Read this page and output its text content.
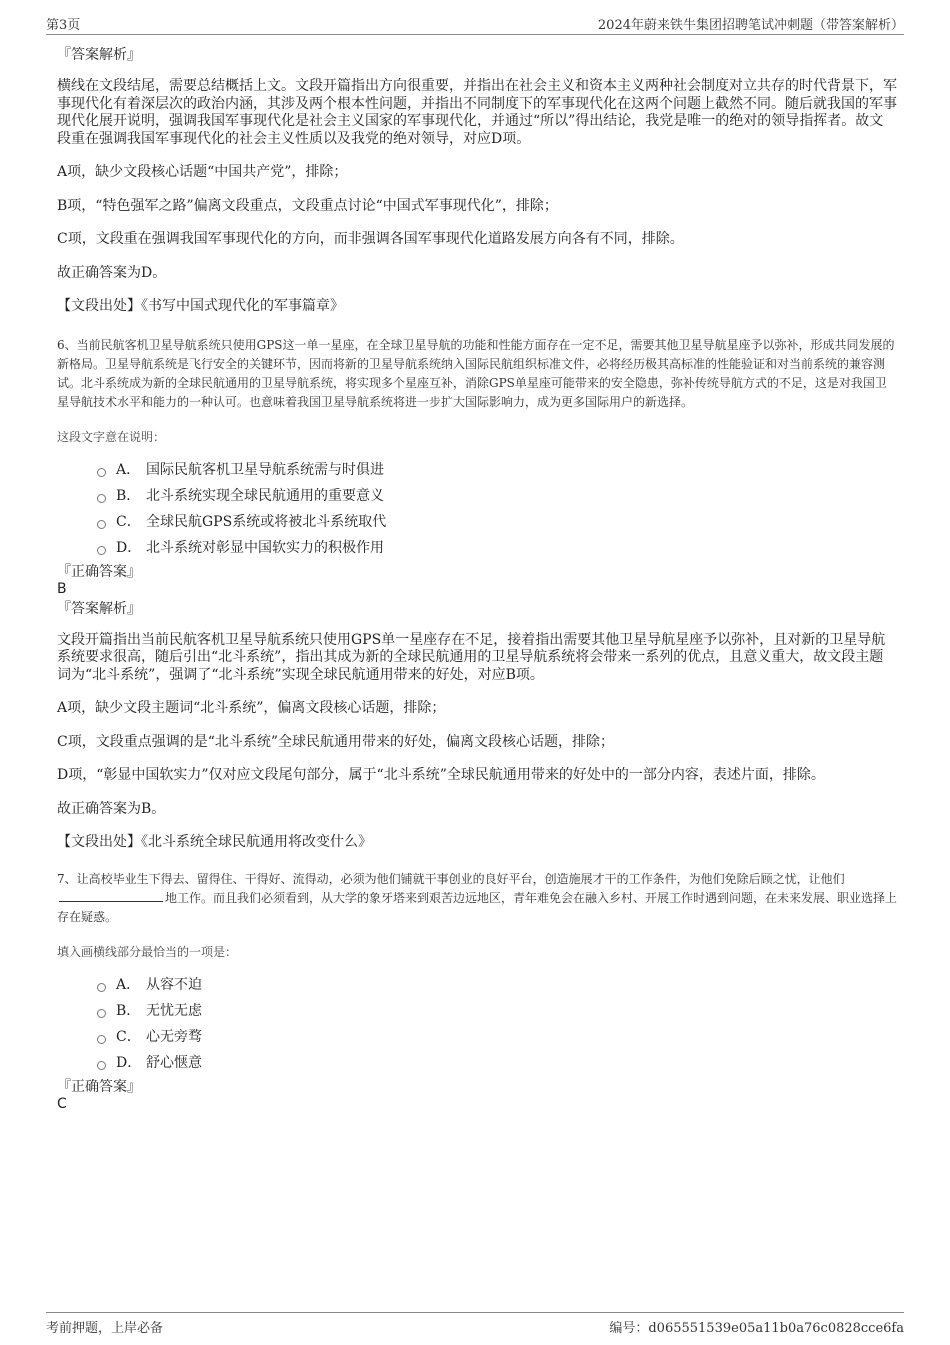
第3页	2024年蔚来铁牛集团招聘笔试冲刺题（带答案解析）

『答案解析』

横线在文段结尾，需要总结概括上文。文段开篇指出方向很重要，并指出在社会主义和资本主义两种社会制度对立共存的时代背景下，军事现代化有着深层次的政治内涵，其涉及两个根本性问题，并指出不同制度下的军事现代化在这两个问题上截然不同。随后就我国的军事现代化展开说明，强调我国军事现代化是社会主义国家的军事现代化，并通过“所以”得出结论，我党是唯一的绝对的领导指挥者。故文段重在强调我国军事现代化的社会主义性质以及我党的绝对领导，对应D项。

A项，缺少文段核心话题“中国共产党”，排除；

B项，“特色强军之路”偏离文段重点，文段重点讨论“中国式军事现代化”，排除；

C项，文段重在强调我国军事现代化的方向，而非强调各国军事现代化道路发展方向各有不同，排除。

故正确答案为D。

【文段出处】《书写中国式现代化的军事篇章》

6、当前民航客机卫星导航系统只使用GPS这一单一星座，在全球卫星导航的功能和性能方面存在一定不足，需要其他卫星导航星座予以弥补，形成共同发展的新格局。卫星导航系统是飞行安全的关键环节，因而将新的卫星导航系统纳入国际民航组织标准文件，必将经历极其高标准的性能验证和对当前系统的兼容测试。北斗系统成为新的全球民航通用的卫星导航系统，将实现多个星座互补，消除GPS单星座可能带来的安全隐患，弥补传统导航方式的不足，这是对我国卫星导航技术水平和能力的一种认可。也意味着我国卫星导航系统将进一步扩大国际影响力，成为更多国际用户的新选择。

这段文字意在说明：

A． 国际民航客机卫星导航系统需与时俱进
B． 北斗系统实现全球民航通用的重要意义
C． 全球民航GPS系统或将被北斗系统取代
D． 北斗系统对彰显中国软实力的积极作用

『正确答案』

B

『答案解析』

文段开篇指出当前民航客机卫星导航系统只使用GPS单一星座存在不足，接着指出需要其他卫星导航星座予以弥补，且对新的卫星导航系统要求很高，随后引出“北斗系统”，指出其成为新的全球民航通用的卫星导航系统将会带来一系列的优点，且意义重大，故文段主题词为“北斗系统”，强调了“北斗系统”实现全球民航通用带来的好处，对应B项。

A项，缺少文段主题词“北斗系统”，偏离文段核心话题，排除；

C项，文段重点强调的是“北斗系统”全球民航通用带来的好处，偏离文段核心话题，排除；

D项，“彰显中国软实力”仅对应文段尾句部分，属于“北斗系统”全球民航通用带来的好处中的一部分内容，表述片面，排除。

故正确答案为B。

【文段出处】《北斗系统全球民航通用将改变什么》

7、让高校毕业生下得去、留得住、干得好、流得动，必须为他们铺就干事创业的良好平台，创造施展才干的工作条件，为他们免除后顾之忧，让他们地工作。而且我们必须看到，从大学的象牙塔来到艰苦边远地区，青年难免会在融入乡村、开展工作时遇到问题，在未来发展、职业选择上存在疑惑。

填入画横线部分最恰当的一项是：

A． 从容不迫
B． 无忧无虑
C． 心无旁骛
D． 舒心惬意

『正确答案』

C

考前押题，上岸必备	编号：d065551539e05a11b0a76c0828cce6fa
